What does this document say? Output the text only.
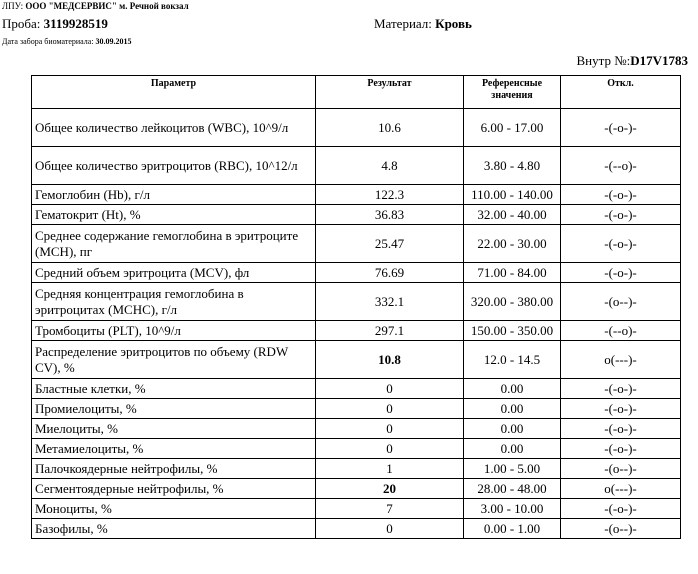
ЛПУ: ООО "МЕДСЕРВИС" м. Речной вокзал
Проба: 3119928519	Материал: Кровь
Дата забора биоматериала: 30.09.2015
Внутр №:D17V1783
Параметр	Результат	Референсные значения	Откл.
Общее количество лейкоцитов (WBC), 10^9/л	10.6	6.00 - 17.00	-(-o-)-
Общее количество эритроцитов (RBC), 10^12/л	4.8	3.80 - 4.80	-(--o)-
Гемоглобин (Hb), г/л	122.3	110.00 - 140.00	-(-o-)-
Гематокрит (Ht), %	36.83	32.00 - 40.00	-(-o-)-
Среднее содержание гемоглобина в эритроците (MCH), пг	25.47	22.00 - 30.00	-(-o-)-
Средний объем эритроцита (MCV), фл	76.69	71.00 - 84.00	-(-o-)-
Средняя концентрация гемоглобина в эритроцитах (MCHC), г/л	332.1	320.00 - 380.00	-(o--)-
Тромбоциты (PLT), 10^9/л	297.1	150.00 - 350.00	-(--o)-
Распределение эритроцитов по объему (RDW CV), %	10.8	12.0 - 14.5	o(---)-
Бластные клетки, %	0	0.00	-(-o-)-
Промиелоциты, %	0	0.00	-(-o-)-
Миелоциты, %	0	0.00	-(-o-)-
Метамиелоциты, %	0	0.00	-(-o-)-
Палочкоядерные нейтрофилы, %	1	1.00 - 5.00	-(o--)-
Сегментоядерные нейтрофилы, %	20	28.00 - 48.00	o(---)-
Моноциты, %	7	3.00 - 10.00	-(-o-)-
Базофилы, %	0	0.00 - 1.00	-(o--)-
